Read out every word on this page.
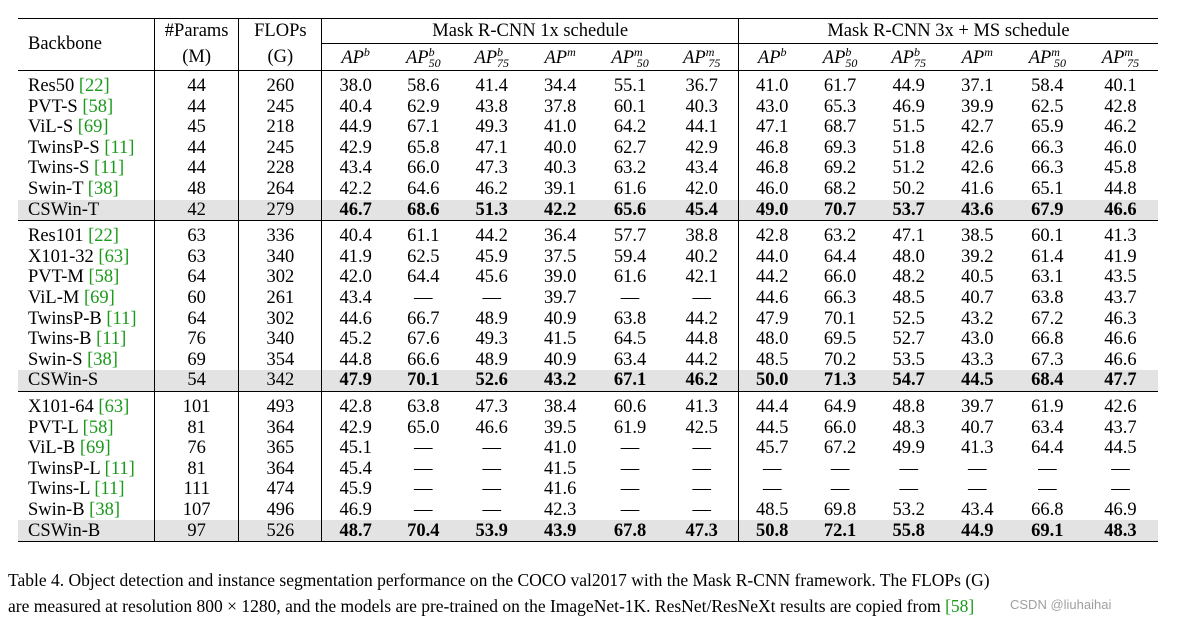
Backbone	#Params	FLOPs	Mask R-CNN 1x schedule						Mask R-CNN 3x + MS schedule					
	(M)	(G)	$AP^b$	$AP^b_{50}$	$AP^b_{75}$	$AP^m$	$AP^m_{50}$	$AP^m_{75}$	$AP^b$	$AP^b_{50}$	$AP^b_{75}$	$AP^m$	$AP^m_{50}$	$AP^m_{75}$

Res50 [22]	44	260	38.0	58.6	41.4	34.4	55.1	36.7	41.0	61.7	44.9	37.1	58.4	40.1
PVT-S [58]	44	245	40.4	62.9	43.8	37.8	60.1	40.3	43.0	65.3	46.9	39.9	62.5	42.8
ViL-S [69]	45	218	44.9	67.1	49.3	41.0	64.2	44.1	47.1	68.7	51.5	42.7	65.9	46.2
TwinsP-S [11]	44	245	42.9	65.8	47.1	40.0	62.7	42.9	46.8	69.3	51.8	42.6	66.3	46.0
Twins-S [11]	44	228	43.4	66.0	47.3	40.3	63.2	43.4	46.8	69.2	51.2	42.6	66.3	45.8
Swin-T [38]	48	264	42.2	64.6	46.2	39.1	61.6	42.0	46.0	68.2	50.2	41.6	65.1	44.8
CSWin-T	42	279	46.7	68.6	51.3	42.2	65.6	45.4	49.0	70.7	53.7	43.6	67.9	46.6

Res101 [22]	63	336	40.4	61.1	44.2	36.4	57.7	38.8	42.8	63.2	47.1	38.5	60.1	41.3
X101-32 [63]	63	340	41.9	62.5	45.9	37.5	59.4	40.2	44.0	64.4	48.0	39.2	61.4	41.9
PVT-M [58]	64	302	42.0	64.4	45.6	39.0	61.6	42.1	44.2	66.0	48.2	40.5	63.1	43.5
ViL-M [69]	60	261	43.4	—	—	39.7	—	—	44.6	66.3	48.5	40.7	63.8	43.7
TwinsP-B [11]	64	302	44.6	66.7	48.9	40.9	63.8	44.2	47.9	70.1	52.5	43.2	67.2	46.3
Twins-B [11]	76	340	45.2	67.6	49.3	41.5	64.5	44.8	48.0	69.5	52.7	43.0	66.8	46.6
Swin-S [38]	69	354	44.8	66.6	48.9	40.9	63.4	44.2	48.5	70.2	53.5	43.3	67.3	46.6
CSWin-S	54	342	47.9	70.1	52.6	43.2	67.1	46.2	50.0	71.3	54.7	44.5	68.4	47.7

X101-64 [63]	101	493	42.8	63.8	47.3	38.4	60.6	41.3	44.4	64.9	48.8	39.7	61.9	42.6
PVT-L [58]	81	364	42.9	65.0	46.6	39.5	61.9	42.5	44.5	66.0	48.3	40.7	63.4	43.7
ViL-B [69]	76	365	45.1	—	—	41.0	—	—	45.7	67.2	49.9	41.3	64.4	44.5
TwinsP-L [11]	81	364	45.4	—	—	41.5	—	—	—	—	—	—	—	—
Twins-L [11]	111	474	45.9	—	—	41.6	—	—	—	—	—	—	—	—
Swin-B [38]	107	496	46.9	—	—	42.3	—	—	48.5	69.8	53.2	43.4	66.8	46.9
CSWin-B	97	526	48.7	70.4	53.9	43.9	67.8	47.3	50.8	72.1	55.8	44.9	69.1	48.3
Table 4. Object detection and instance segmentation performance on the COCO val2017 with the Mask R-CNN framework. The FLOPs (G)
are measured at resolution 800 × 1280, and the models are pre-trained on the ImageNet-1K. ResNet/ResNeXt results are copied from [58]	CSDN @liuhaihai
